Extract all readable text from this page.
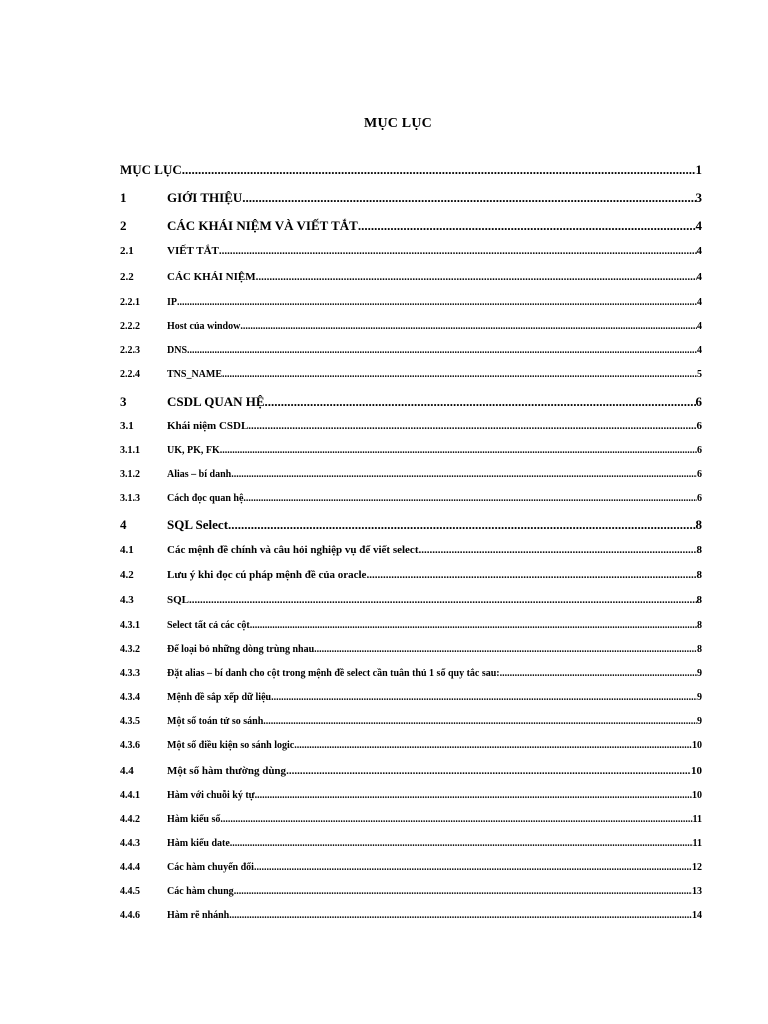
MỤC LỤC
MỤC LỤC .....	1
1	GIỚI THIỆU .....	3
2	CÁC KHÁI NIỆM VÀ VIẾT TẮT .....	4
2.1	VIẾT TẮT .....	4
2.2	CÁC KHÁI NIỆM .....	4
2.2.1	IP .....	4
2.2.2	Host của window .....	4
2.2.3	DNS .....	4
2.2.4	TNS_NAME .....	5
3	CSDL QUAN HỆ .....	6
3.1	Khái niệm CSDL .....	6
3.1.1	UK, PK, FK .....	6
3.1.2	Alias – bí danh .....	6
3.1.3	Cách đọc quan hệ .....	6
4	SQL Select .....	8
4.1	Các mệnh đề chính và câu hỏi nghiệp vụ để viết select .....	8
4.2	Lưu ý khi đọc cú pháp mệnh đề của oracle .....	8
4.3	SQL .....	8
4.3.1	Select tất cả các cột .....	8
4.3.2	Để loại bỏ những dòng trùng nhau .....	8
4.3.3	Đặt alias – bí danh cho cột trong mệnh đề select cần tuân thủ 1 số quy tắc sau: .....	9
4.3.4	Mệnh đề sắp xếp dữ liệu .....	9
4.3.5	Một số toán tử so sánh .....	9
4.3.6	Một số điều kiện so sánh logic .....	10
4.4	Một số hàm thường dùng .....	10
4.4.1	Hàm với chuỗi ký tự .....	10
4.4.2	Hàm kiểu số .....	11
4.4.3	Hàm kiểu date .....	11
4.4.4	Các hàm chuyển đổi .....	12
4.4.5	Các hàm chung .....	13
4.4.6	Hàm rẽ nhánh .....	14
